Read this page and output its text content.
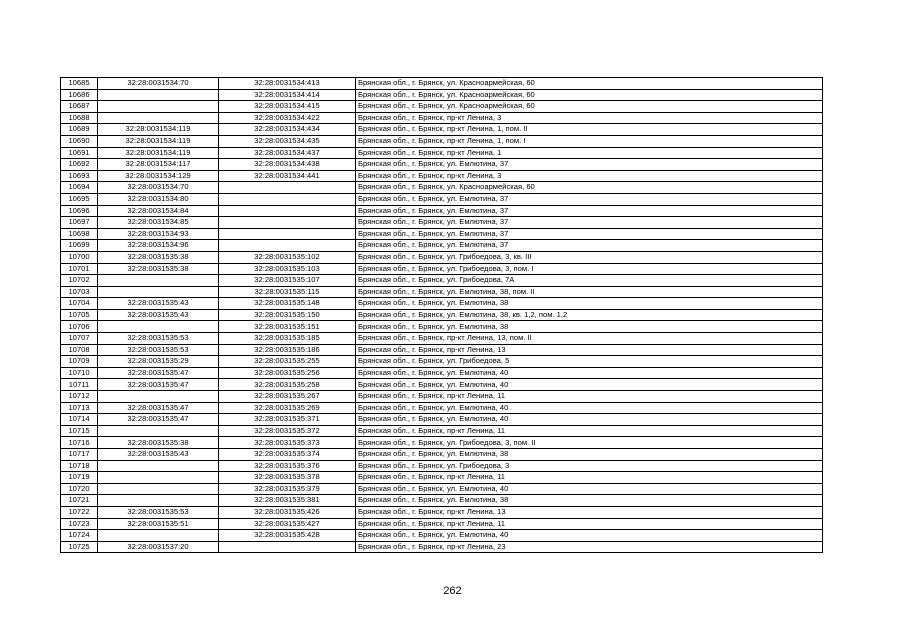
10685	32:28:0031534:70	32:28:0031534:413	Брянская обл., г. Брянск, ул. Красноармейская, 60
10686		32:28:0031534:414	Брянская обл., г. Брянск, ул. Красноармейская, 60
10687		32:28:0031534:415	Брянская обл., г. Брянск, ул. Красноармейская, 60
10688		32:28:0031534:422	Брянская обл., г. Брянск, пр-кт Ленина, 3
10689	32:28:0031534:119	32:28:0031534:434	Брянская обл., г. Брянск, пр-кт Ленина, 1, пом. II
10690	32:28:0031534:119	32:28:0031534:435	Брянская обл., г. Брянск, пр-кт Ленина, 1, пом. I
10691	32:28:0031534:119	32:28:0031534:437	Брянская обл., г. Брянск, пр-кт Ленина, 1
10692	32:28:0031534:117	32:28:0031534:438	Брянская обл., г. Брянск, ул. Емлютина, 37
10693	32:28:0031534:129	32:28:0031534:441	Брянская обл., г. Брянск, пр-кт Ленина, 3
10694	32:28:0031534:70		Брянская обл., г. Брянск, ул. Красноармейская, 60
10695	32:28:0031534:80		Брянская обл., г. Брянск, ул. Емлютина, 37
10696	32:28:0031534:84		Брянская обл., г. Брянск, ул. Емлютина, 37
10697	32:28:0031534:85		Брянская обл., г. Брянск, ул. Емлютина, 37
10698	32:28:0031534:93		Брянская обл., г. Брянск, ул. Емлютина, 37
10699	32:28:0031534:96		Брянская обл., г. Брянск, ул. Емлютина, 37
10700	32:28:0031535:38	32:28:0031535:102	Брянская обл., г. Брянск, ул. Грибоедова, 3, кв. III
10701	32:28:0031535:38	32:28:0031535:103	Брянская обл., г. Брянск, ул. Грибоедова, 3, пом. I
10702		32:28:0031535:107	Брянская обл., г. Брянск, ул. Грибоедова, 7А
10703		32:28:0031535:115	Брянская обл., г. Брянск, ул. Емлютина, 38, пом. II
10704	32:28:0031535:43	32:28:0031535:148	Брянская обл., г. Брянск, ул. Емлютина, 38
10705	32:28:0031535:43	32:28:0031535:150	Брянская обл., г. Брянск, ул. Емлютина, 38, кв. 1,2, пом. 1,2
10706		32:28:0031535:151	Брянская обл., г. Брянск, ул. Емлютина, 38
10707	32:28:0031535:53	32:28:0031535:185	Брянская обл., г. Брянск, пр-кт Ленина, 13, пом. II
10708	32:28:0031535:53	32:28:0031535:186	Брянская обл., г. Брянск, пр-кт Ленина, 13
10709	32:28:0031535:29	32:28:0031535:255	Брянская обл., г. Брянск, ул. Грибоедова, 5
10710	32:28:0031535:47	32:28:0031535:256	Брянская обл., г. Брянск, ул. Емлютина, 40
10711	32:28:0031535:47	32:28:0031535:258	Брянская обл., г. Брянск, ул. Емлютина, 40
10712		32:28:0031535:267	Брянская обл., г. Брянск, пр-кт Ленина, 11
10713	32:28:0031535:47	32:28:0031535:269	Брянская обл., г. Брянск, ул. Емлютина, 40
10714	32:28:0031535:47	32:28:0031535:371	Брянская обл., г. Брянск, ул. Емлютина, 40
10715		32:28:0031535:372	Брянская обл., г. Брянск, пр-кт Ленина, 11
10716	32:28:0031535:38	32:28:0031535:373	Брянская обл., г. Брянск, ул. Грибоедова, 3, пом. II
10717	32:28:0031535:43	32:28:0031535:374	Брянская обл., г. Брянск, ул. Емлютина, 38
10718		32:28:0031535:376	Брянская обл., г. Брянск, ул. Грибоедова, 3
10719		32:28:0031535:378	Брянская обл., г. Брянск, пр-кт Ленина, 11
10720		32:28:0031535:379	Брянская обл., г. Брянск, ул. Емлютина, 40
10721		32:28:0031535:381	Брянская обл., г. Брянск, ул. Емлютина, 38
10722	32:28:0031535:53	32:28:0031535:426	Брянская обл., г. Брянск, пр-кт Ленина, 13
10723	32:28:0031535:51	32:28:0031535:427	Брянская обл., г. Брянск, пр-кт Ленина, 11
10724		32:28:0031535:428	Брянская обл., г. Брянск, ул. Емлютина, 40
10725	32:28:0031537:20		Брянская обл., г. Брянск, пр-кт Ленина, 23
262
